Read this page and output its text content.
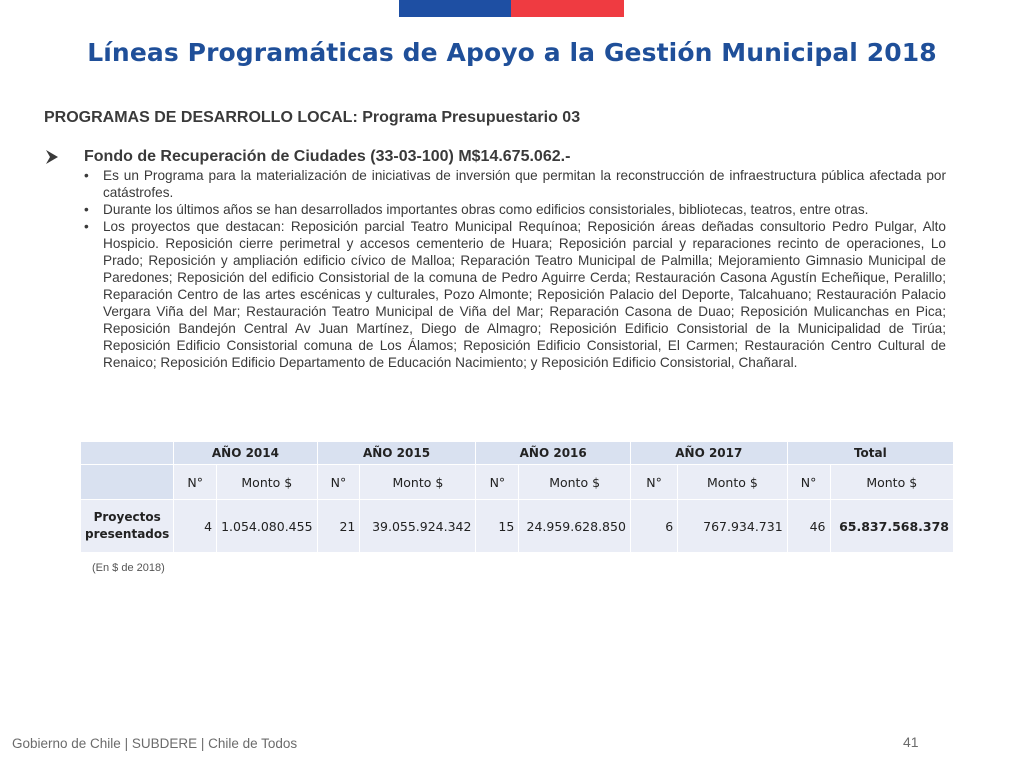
Líneas Programáticas de Apoyo a la Gestión Municipal 2018
PROGRAMAS DE DESARROLLO LOCAL: Programa Presupuestario 03
Fondo de Recuperación de Ciudades (33-03-100) M$14.675.062.-
• Es un Programa para la materialización de iniciativas de inversión que permitan la reconstrucción de infraestructura pública afectada por catástrofes.
• Durante los últimos años se han desarrollados importantes obras como edificios consistoriales, bibliotecas, teatros, entre otras.
• Los proyectos que destacan: Reposición parcial Teatro Municipal Requínoa; Reposición áreas deñadas consultorio Pedro Pulgar, Alto Hospicio. Reposición cierre perimetral y accesos cementerio de Huara; Reposición parcial y reparaciones recinto de operaciones, Lo Prado; Reposición y ampliación edificio cívico de Malloa; Reparación Teatro Municipal de Palmilla; Mejoramiento Gimnasio Municipal de Paredones; Reposición del edificio Consistorial de la comuna de Pedro Aguirre Cerda; Restauración Casona Agustín Echeñique, Peralillo; Reparación Centro de las artes escénicas y culturales, Pozo Almonte; Reposición Palacio del Deporte, Talcahuano; Restauración Palacio Vergara Viña del Mar; Restauración Teatro Municipal de Viña del Mar; Reparación Casona de Duao; Reposición Mulicanchas en Pica; Reposición Bandejón Central Av Juan Martínez, Diego de Almagro; Reposición Edificio Consistorial de la Municipalidad de Tirúa; Reposición Edificio Consistorial comuna de Los Álamos; Reposición Edificio Consistorial, El Carmen; Restauración Centro Cultural de Renaico; Reposición Edificio Departamento de Educación Nacimiento; y Reposición Edificio Consistorial, Chañaral.
	AÑO 2014		AÑO 2015		AÑO 2016		AÑO 2017		Total	
	N°	Monto $	N°	Monto $	N°	Monto $	N°	Monto $	N°	Monto $
Proyectos presentados	4	1.054.080.455	21	39.055.924.342	15	24.959.628.850	6	767.934.731	46	65.837.568.378
(En $ de 2018)
Gobierno de Chile | SUBDERE | Chile de Todos	41
